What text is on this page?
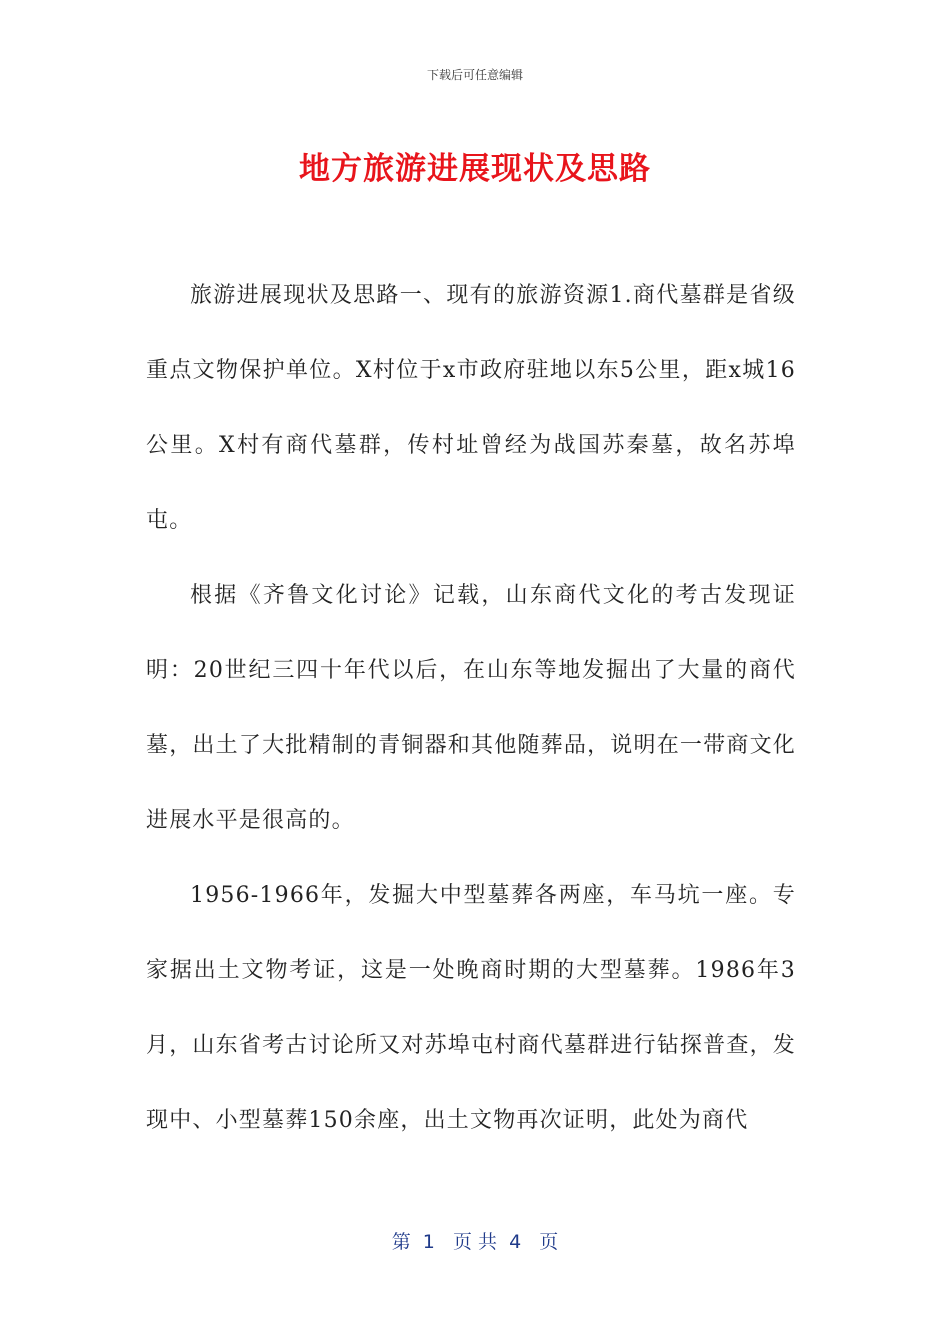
下载后可任意编辑
地方旅游进展现状及思路

旅游进展现状及思路一、现有的旅游资源1.商代墓群是省级重点文物保护单位。X村位于x市政府驻地以东5公里，距x城16公里。X村有商代墓群，传村址曾经为战国苏秦墓，故名苏埠屯。

根据《齐鲁文化讨论》记载，山东商代文化的考古发现证明：20世纪三四十年代以后，在山东等地发掘出了大量的商代墓，出土了大批精制的青铜器和其他随葬品，说明在一带商文化进展水平是很高的。

1956-1966年，发掘大中型墓葬各两座，车马坑一座。专家据出土文物考证，这是一处晚商时期的大型墓葬。1986年3月，山东省考古讨论所又对苏埠屯村商代墓群进行钻探普查，发现中、小型墓葬150余座，出土文物再次证明，此处为商代

第  1   页 共  4   页
